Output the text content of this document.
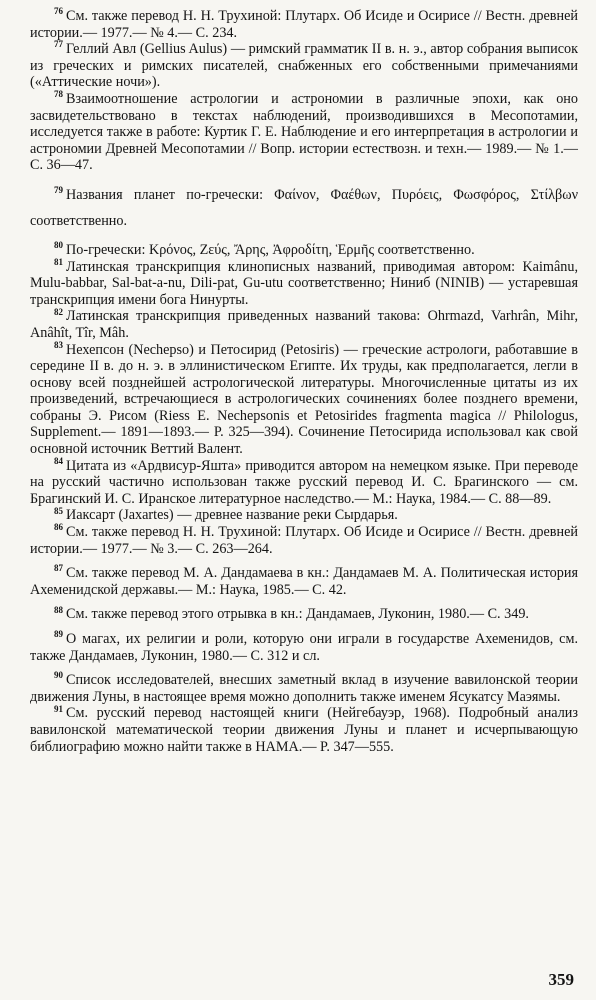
$^{76}$ См. также перевод Н. Н. Трухиной: Плутарх. Об Исиде и Осирисе // Вестн. древней истории.— 1977.— № 4.— С. 234.

$^{77}$ Геллий Авл (Gellius Aulus) — римский грамматик II в. н. э., автор собрания выписок из греческих и римских писателей, снабженных его собственными примечаниями («Аттические ночи»).

$^{78}$ Взаимоотношение астрологии и астрономии в различные эпохи, как оно засвидетельствовано в текстах наблюдений, производившихся в Месопотамии, исследуется также в работе: Куртик Г. Е. Наблюдение и его интерпретация в астрологии и астрономии Древней Месопотамии // Вопр. истории естествозн. и техн.— 1989.— № 1.— С. 36—47.

$^{79}$ Названия планет по-гречески: Φαίνον, Φαέθων, Πυρόεις, Φωσφόρος, Στίλβων соответственно.

$^{80}$ По-гречески: Κρόνος, Ζεύς, Ἄρης, Ἀφροδίτη, Ἑρμῆς соответственно.

$^{81}$ Латинская транскрипция клинописных названий, приводимая автором: Kaimânu, Mulu-babbar, Sal-bat-a-nu, Dili-pat, Gu-utu соответственно; Ниниб (NINIB) — устаревшая транскрипция имени бога Нинурты.

$^{82}$ Латинская транскрипция приведенных названий такова: Ohrmazd, Varhrân, Mihr, Anâhît, Tîr, Mâh.

$^{83}$ Нехепсон (Nechepso) и Петосирид (Petosiris) — греческие астрологи, работавшие в середине II в. до н. э. в эллинистическом Египте. Их труды, как предполагается, легли в основу всей позднейшей астрологической литературы. Многочисленные цитаты из их произведений, встречающиеся в астрологических сочинениях более позднего времени, собраны Э. Рисом (Riess E. Nechepsonis et Petosirides fragmenta magica // Philologus, Supplement.— 1891—1893.— P. 325—394). Сочинение Петосирида использовал как свой основной источник Веттий Валент.

$^{84}$ Цитата из «Ардвисур-Яшта» приводится автором на немецком языке. При переводе на русский частично использован также русский перевод И. С. Брагинского — см. Брагинский И. С. Иранское литературное наследство.— М.: Наука, 1984.— С. 88—89.

$^{85}$ Иаксарт (Jaxartes) — древнее название реки Сырдарья.

$^{86}$ См. также перевод Н. Н. Трухиной: Плутарх. Об Исиде и Осирисе // Вестн. древней истории.— 1977.— № 3.— С. 263—264.

$^{87}$ См. также перевод М. А. Дандамаева в кн.: Дандамаев М. А. Политическая история Ахеменидской державы.— М.: Наука, 1985.— С. 42.

$^{88}$ См. также перевод этого отрывка в кн.: Дандамаев, Луконин, 1980.— С. 349.

$^{89}$ О магах, их религии и роли, которую они играли в государстве Ахеменидов, см. также Дандамаев, Луконин, 1980.— С. 312 и сл.

$^{90}$ Список исследователей, внесших заметный вклад в изучение вавилонской теории движения Луны, в настоящее время можно дополнить также именем Ясукатсу Маэямы.

$^{91}$ См. русский перевод настоящей книги (Нейгебауэр, 1968). Подробный анализ вавилонской математической теории движения Луны и планет и исчерпывающую библиографию можно найти также в НАМА.— P. 347—555.

359
